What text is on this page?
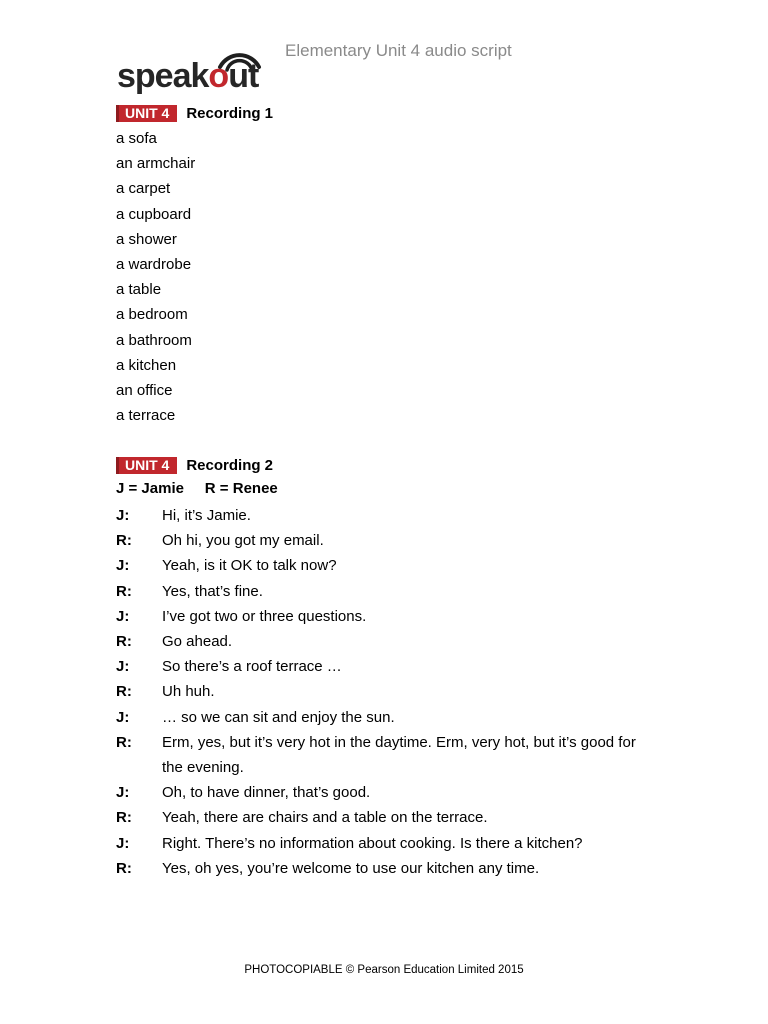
speakout
Elementary Unit 4 audio script
UNIT 4	Recording 1
a sofa
an armchair
a carpet
a cupboard
a shower
a wardrobe
a table
a bedroom
a bathroom
a kitchen
an office
a terrace
UNIT 4	Recording 2
J = Jamie     R = Renee
J:	Hi, it’s Jamie.
R:	Oh hi, you got my email.
J:	Yeah, is it OK to talk now?
R:	Yes, that’s fine.
J:	I’ve got two or three questions.
R:	Go ahead.
J:	So there’s a roof terrace …
R:	Uh huh.
J:	… so we can sit and enjoy the sun.
R:	Erm, yes, but it’s very hot in the daytime. Erm, very hot, but it’s good for the evening.
J:	Oh, to have dinner, that’s good.
R:	Yeah, there are chairs and a table on the terrace.
J:	Right. There’s no information about cooking. Is there a kitchen?
R:	Yes, oh yes, you’re welcome to use our kitchen any time.
PHOTOCOPIABLE © Pearson Education Limited 2015
